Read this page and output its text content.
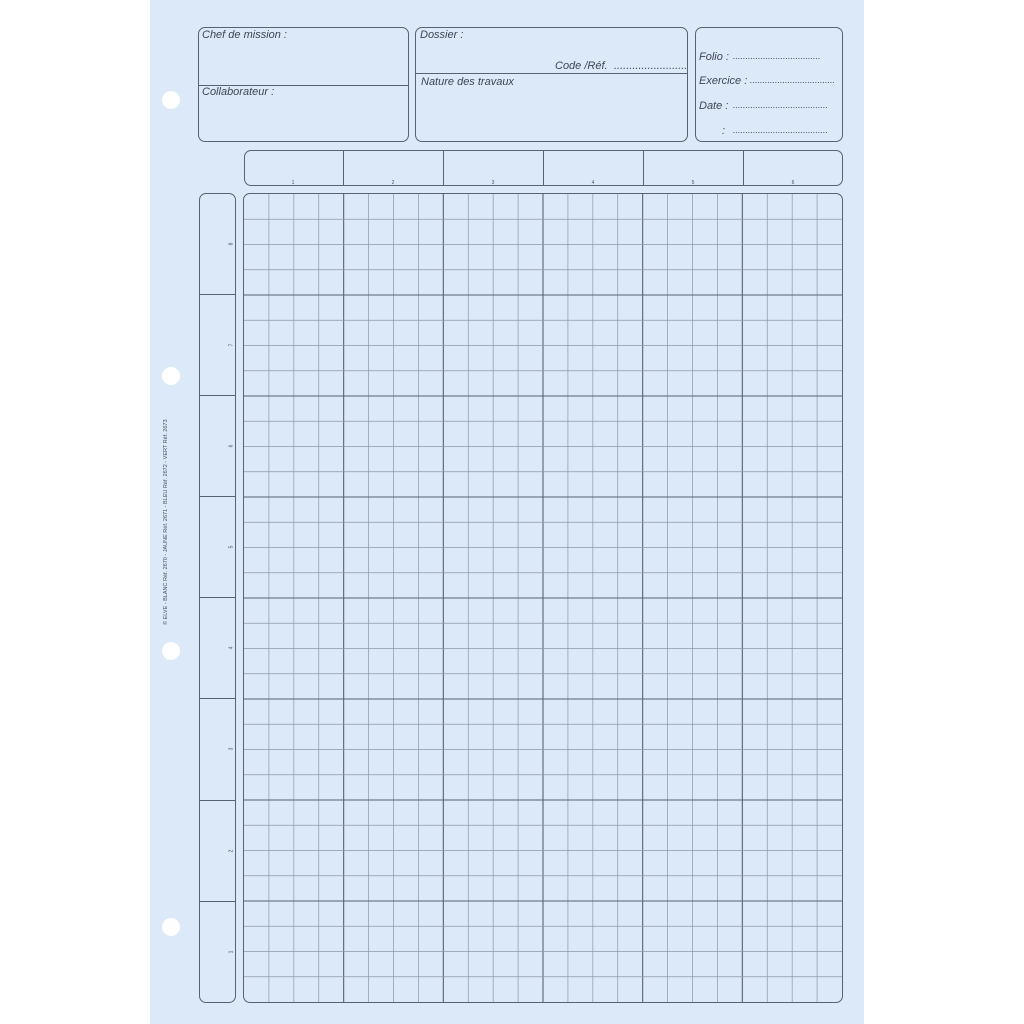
Chef de mission :
Collaborateur :
Dossier :
Code /Réf. ........................
Nature des travaux
Folio : ...................................
Exercice : ..................................
Date : ......................................
: ......................................
1	2	3	4	5	6
8
7
6
5
4
3
2
1
© ELVE - BLANC Réf. 2670 - JAUNE Réf. 2671 - BLEU Réf. 2672 - VERT Réf. 2673
